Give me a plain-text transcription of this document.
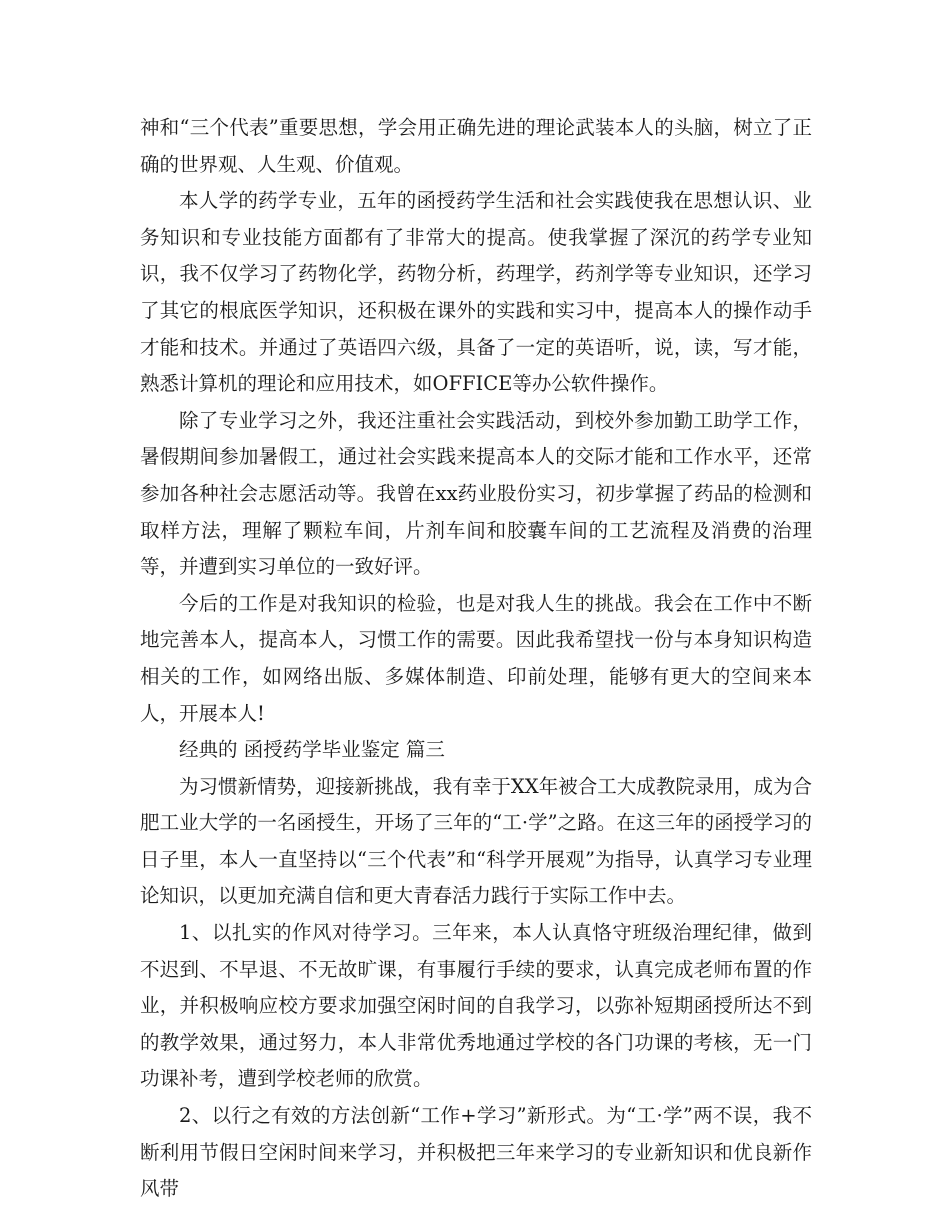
神和“三个代表”重要思想，学会用正确先进的理论武装本人的头脑，树立了正确的世界观、人生观、价值观。

本人学的药学专业，五年的函授药学生活和社会实践使我在思想认识、业务知识和专业技能方面都有了非常大的提高。使我掌握了深沉的药学专业知识，我不仅学习了药物化学，药物分析，药理学，药剂学等专业知识，还学习了其它的根底医学知识，还积极在课外的实践和实习中，提高本人的操作动手才能和技术。并通过了英语四六级，具备了一定的英语听，说，读，写才能，熟悉计算机的理论和应用技术，如OFFICE等办公软件操作。

除了专业学习之外，我还注重社会实践活动，到校外参加勤工助学工作，暑假期间参加暑假工，通过社会实践来提高本人的交际才能和工作水平，还常参加各种社会志愿活动等。我曾在xx药业股份实习，初步掌握了药品的检测和取样方法，理解了颗粒车间，片剂车间和胶囊车间的工艺流程及消费的治理等，并遭到实习单位的一致好评。

今后的工作是对我知识的检验，也是对我人生的挑战。我会在工作中不断地完善本人，提高本人，习惯工作的需要。因此我希望找一份与本身知识构造相关的工作，如网络出版、多媒体制造、印前处理，能够有更大的空间来本人，开展本人!

经典的 函授药学毕业鉴定 篇三

为习惯新情势，迎接新挑战，我有幸于XX年被合工大成教院录用，成为合肥工业大学的一名函授生，开场了三年的“工·学”之路。在这三年的函授学习的日子里，本人一直坚持以“三个代表”和“科学开展观”为指导，认真学习专业理论知识，以更加充满自信和更大青春活力践行于实际工作中去。

1、以扎实的作风对待学习。三年来，本人认真恪守班级治理纪律，做到不迟到、不早退、不无故旷课，有事履行手续的要求，认真完成老师布置的作业，并积极响应校方要求加强空闲时间的自我学习，以弥补短期函授所达不到的教学效果，通过努力，本人非常优秀地通过学校的各门功课的考核，无一门功课补考，遭到学校老师的欣赏。

2、以行之有效的方法创新“工作+学习”新形式。为“工·学”两不误，我不断利用节假日空闲时间来学习，并积极把三年来学习的专业新知识和优良新作风带
